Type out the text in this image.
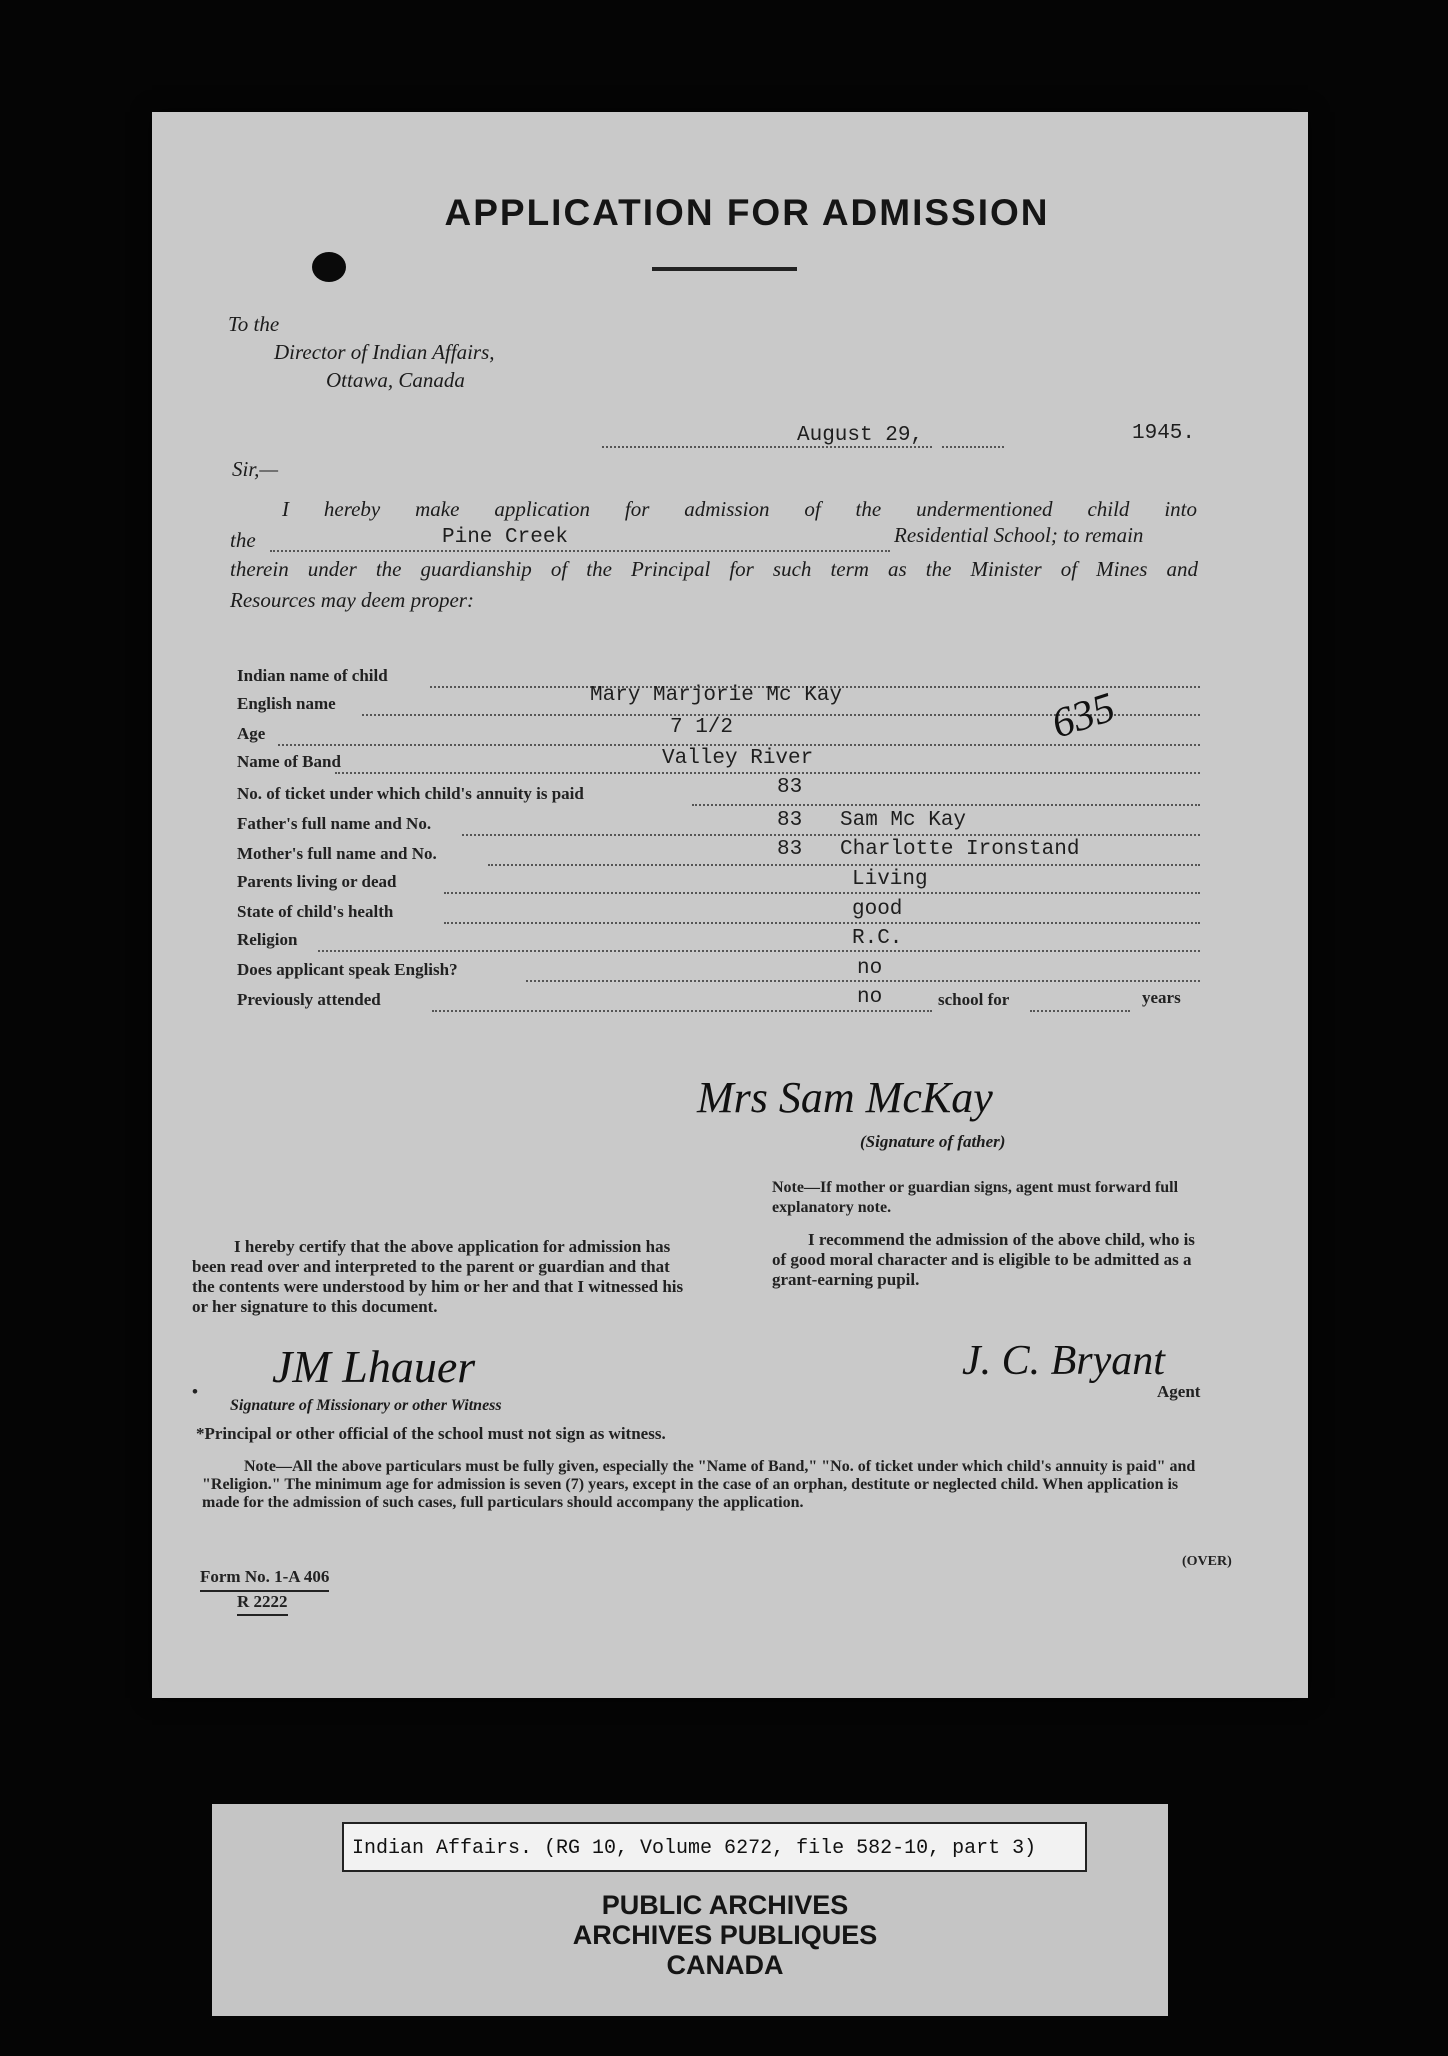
APPLICATION FOR ADMISSION
To the
Director of Indian Affairs,
Ottawa, Canada
August 29,	1945.
Sir,—
I hereby make application for admission of the undermentioned child into
the	Pine Creek	Residential School; to remain
therein under the guardianship of the Principal for such term as the Minister of Mines and
Resources may deem proper:
Indian name of child
English name	Mary Marjorie Mc Kay
Age	7 1/2
Name of Band	Valley River
No. of ticket under which child's annuity is paid	83
Father's full name and No.	83   Sam Mc Kay
Mother's full name and No.	83   Charlotte Ironstand
Parents living or dead	Living
State of child's health	good
Religion	R.C.
Does applicant speak English?	no
Previously attended	no	school for	years
635
Mrs Sam McKay
(Signature of father)
Note—If mother or guardian signs, agent must forward full explanatory note.
I hereby certify that the above application for admission has been read over and interpreted to the parent or guardian and that the contents were understood by him or her and that I witnessed his or her signature to this document.
I recommend the admission of the above child, who is of good moral character and is eligible to be admitted as a grant-earning pupil.
• JM Lhauer
Signature of Missionary or other Witness
J. C. Bryant
Agent
*Principal or other official of the school must not sign as witness.
Note—All the above particulars must be fully given, especially the "Name of Band," "No. of ticket under which child's annuity is paid" and "Religion." The minimum age for admission is seven (7) years, except in the case of an orphan, destitute or neglected child. When application is made for the admission of such cases, full particulars should accompany the application.
Form No. 1-A 406
R 2222
(OVER)
Indian Affairs. (RG 10, Volume 6272, file 582-10, part 3)
PUBLIC ARCHIVES
ARCHIVES PUBLIQUES
CANADA
